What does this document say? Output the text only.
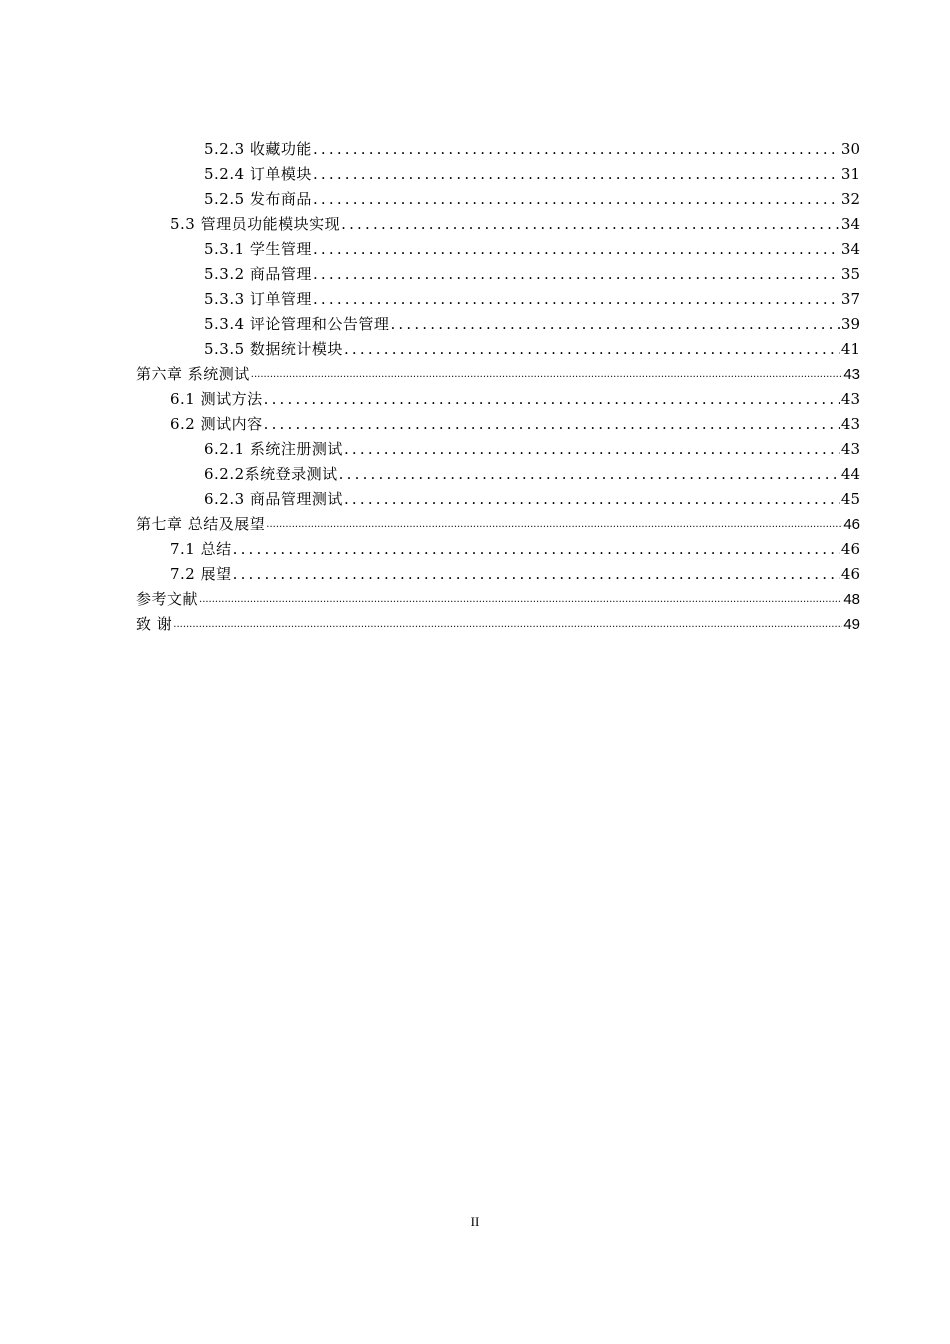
5.2.3 收藏功能 .....	30
5.2.4 订单模块 .....	31
5.2.5 发布商品 .....	32
5.3 管理员功能模块实现 .....	34
5.3.1 学生管理 .....	34
5.3.2 商品管理 .....	35
5.3.3 订单管理 .....	37
5.3.4 评论管理和公告管理 .....	39
5.3.5 数据统计模块 .....	41
第六章 系统测试 .....	43
6.1 测试方法 .....	43
6.2 测试内容 .....	43
6.2.1 系统注册测试 .....	43
6.2.2系统登录测试 .....	44
6.2.3 商品管理测试 .....	45
第七章 总结及展望 .....	46
7.1 总结 .....	46
7.2 展望 .....	46
参考文献 .....	48
致 谢 .....	49
II
